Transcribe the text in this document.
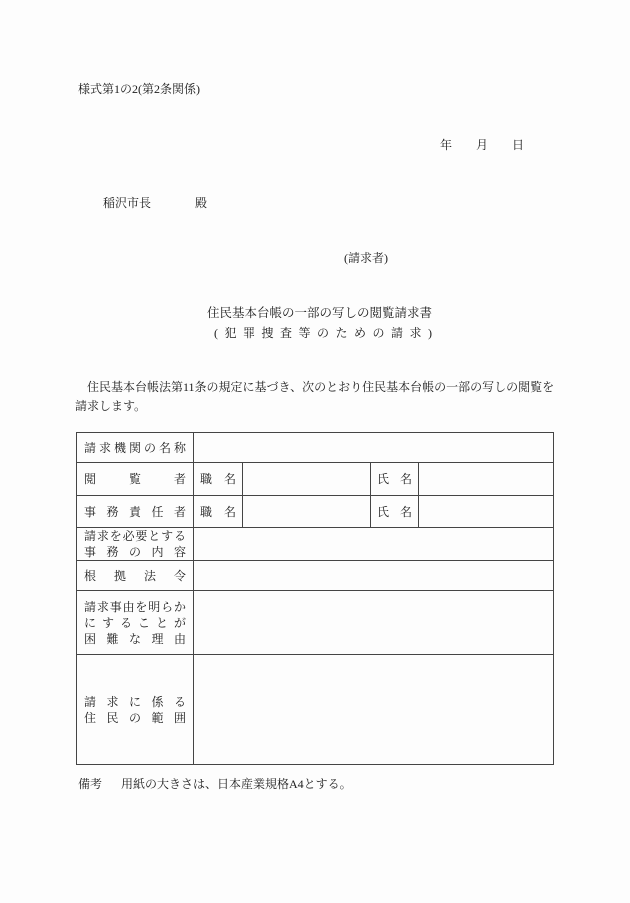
様式第1の2(第2条関係)
年　　月　　日
稲沢市長	殿
(請求者)
住民基本台帳の一部の写しの閲覧請求書
(犯罪捜査等のための請求)
　住民基本台帳法第11条の規定に基づき、次のとおり住民基本台帳の一部の写しの閲覧を
請求します。
請求機関の名称				

閲覧者	職名		氏名	

事務責任者	職名		氏名	

請求を必要とする
事務の内容				

根拠法令				

請求事由を明らか
にすることが
困難な理由				

請求に係る
住民の範囲				

備考 用紙の大きさは、日本産業規格A4とする。
